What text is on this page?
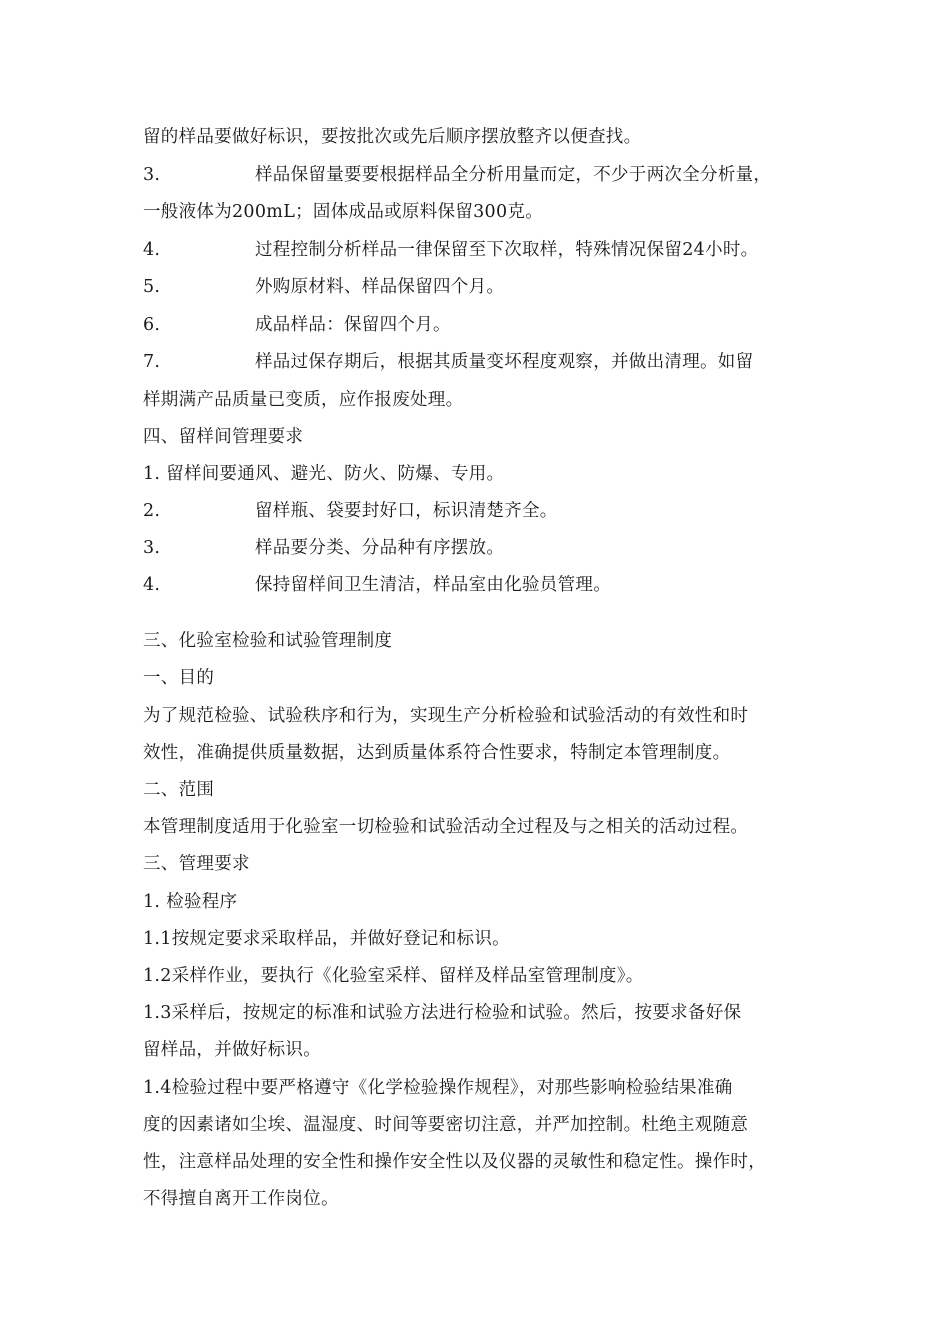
留的样品要做好标识，要按批次或先后顺序摆放整齐以便查找。
3.	样品保留量要要根据样品全分析用量而定，不少于两次全分析量，
一般液体为200mL；固体成品或原料保留300克。
4.	过程控制分析样品一律保留至下次取样，特殊情况保留24小时。
5.	外购原材料、样品保留四个月。
6.	成品样品：保留四个月。
7.	样品过保存期后，根据其质量变坏程度观察，并做出清理。如留
样期满产品质量已变质，应作报废处理。
四、留样间管理要求
1. 留样间要通风、避光、防火、防爆、专用。
2.	留样瓶、袋要封好口，标识清楚齐全。
3.	样品要分类、分品种有序摆放。
4.	保持留样间卫生清洁，样品室由化验员管理。
三、化验室检验和试验管理制度
一、目的
为了规范检验、试验秩序和行为，实现生产分析检验和试验活动的有效性和时
效性，准确提供质量数据，达到质量体系符合性要求，特制定本管理制度。
二、范围
本管理制度适用于化验室一切检验和试验活动全过程及与之相关的活动过程。
三、管理要求
1. 检验程序
1.1按规定要求采取样品，并做好登记和标识。
1.2采样作业，要执行《化验室采样、留样及样品室管理制度》。
1.3采样后，按规定的标准和试验方法进行检验和试验。然后，按要求备好保
留样品，并做好标识。
1.4检验过程中要严格遵守《化学检验操作规程》，对那些影响检验结果准确
度的因素诸如尘埃、温湿度、时间等要密切注意，并严加控制。杜绝主观随意
性，注意样品处理的安全性和操作安全性以及仪器的灵敏性和稳定性。操作时，
不得擅自离开工作岗位。
